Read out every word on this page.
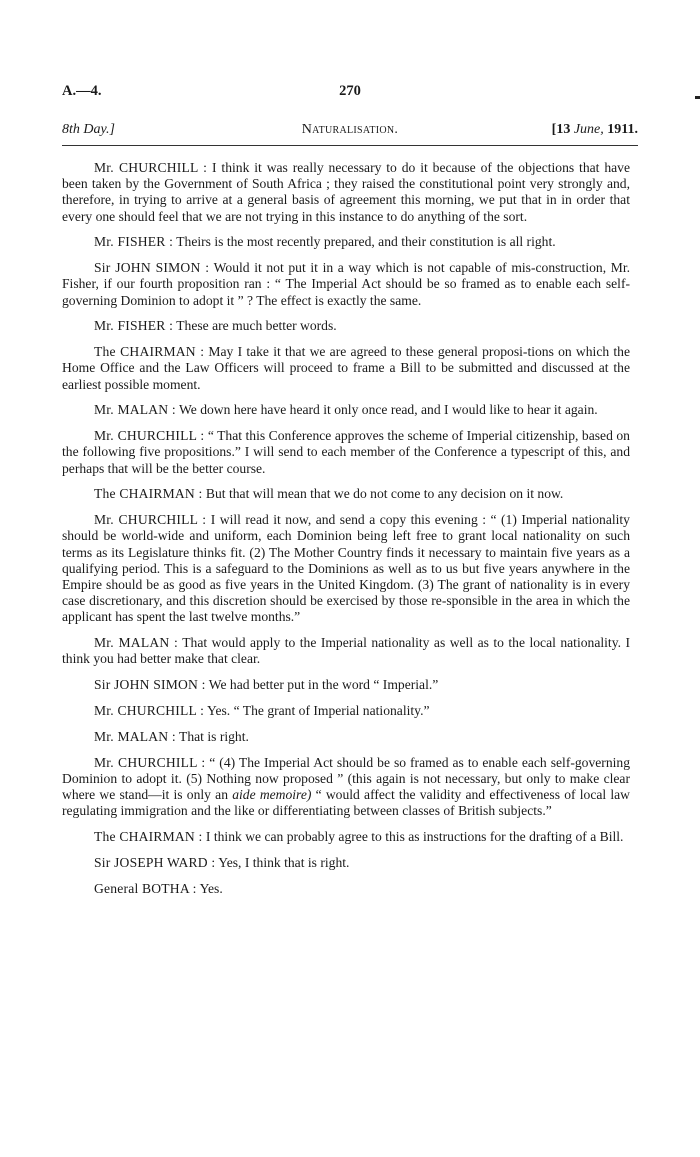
A.—4.	270
8th Day.]	Naturalisation.	[13 June, 1911.

Mr. CHURCHILL : I think it was really necessary to do it because of the objections that have been taken by the Government of South Africa ; they raised the constitutional point very strongly and, therefore, in trying to arrive at a general basis of agreement this morning, we put that in in order that every one should feel that we are not trying in this instance to do anything of the sort.

Mr. FISHER : Theirs is the most recently prepared, and their constitution is all right.

Sir JOHN SIMON : Would it not put it in a way which is not capable of mis-construction, Mr. Fisher, if our fourth proposition ran : “ The Imperial Act should be so framed as to enable each self-governing Dominion to adopt it ” ? The effect is exactly the same.

Mr. FISHER : These are much better words.

The CHAIRMAN : May I take it that we are agreed to these general proposi-tions on which the Home Office and the Law Officers will proceed to frame a Bill to be submitted and discussed at the earliest possible moment.

Mr. MALAN : We down here have heard it only once read, and I would like to hear it again.

Mr. CHURCHILL : “ That this Conference approves the scheme of Imperial citizenship, based on the following five propositions.” I will send to each member of the Conference a typescript of this, and perhaps that will be the better course.

The CHAIRMAN : But that will mean that we do not come to any decision on it now.

Mr. CHURCHILL : I will read it now, and send a copy this evening : “ (1) Imperial nationality should be world-wide and uniform, each Dominion being left free to grant local nationality on such terms as its Legislature thinks fit. (2) The Mother Country finds it necessary to maintain five years as a qualifying period. This is a safeguard to the Dominions as well as to us but five years anywhere in the Empire should be as good as five years in the United Kingdom. (3) The grant of nationality is in every case discretionary, and this discretion should be exercised by those re-sponsible in the area in which the applicant has spent the last twelve months.”

Mr. MALAN : That would apply to the Imperial nationality as well as to the local nationality. I think you had better make that clear.

Sir JOHN SIMON : We had better put in the word “ Imperial.”

Mr. CHURCHILL : Yes. “ The grant of Imperial nationality.”

Mr. MALAN : That is right.

Mr. CHURCHILL : “ (4) The Imperial Act should be so framed as to enable each self-governing Dominion to adopt it. (5) Nothing now proposed ” (this again is not necessary, but only to make clear where we stand—it is only an aide memoire) “ would affect the validity and effectiveness of local law regulating immigration and the like or differentiating between classes of British subjects.”

The CHAIRMAN : I think we can probably agree to this as instructions for the drafting of a Bill.

Sir JOSEPH WARD : Yes, I think that is right.

General BOTHA : Yes.
